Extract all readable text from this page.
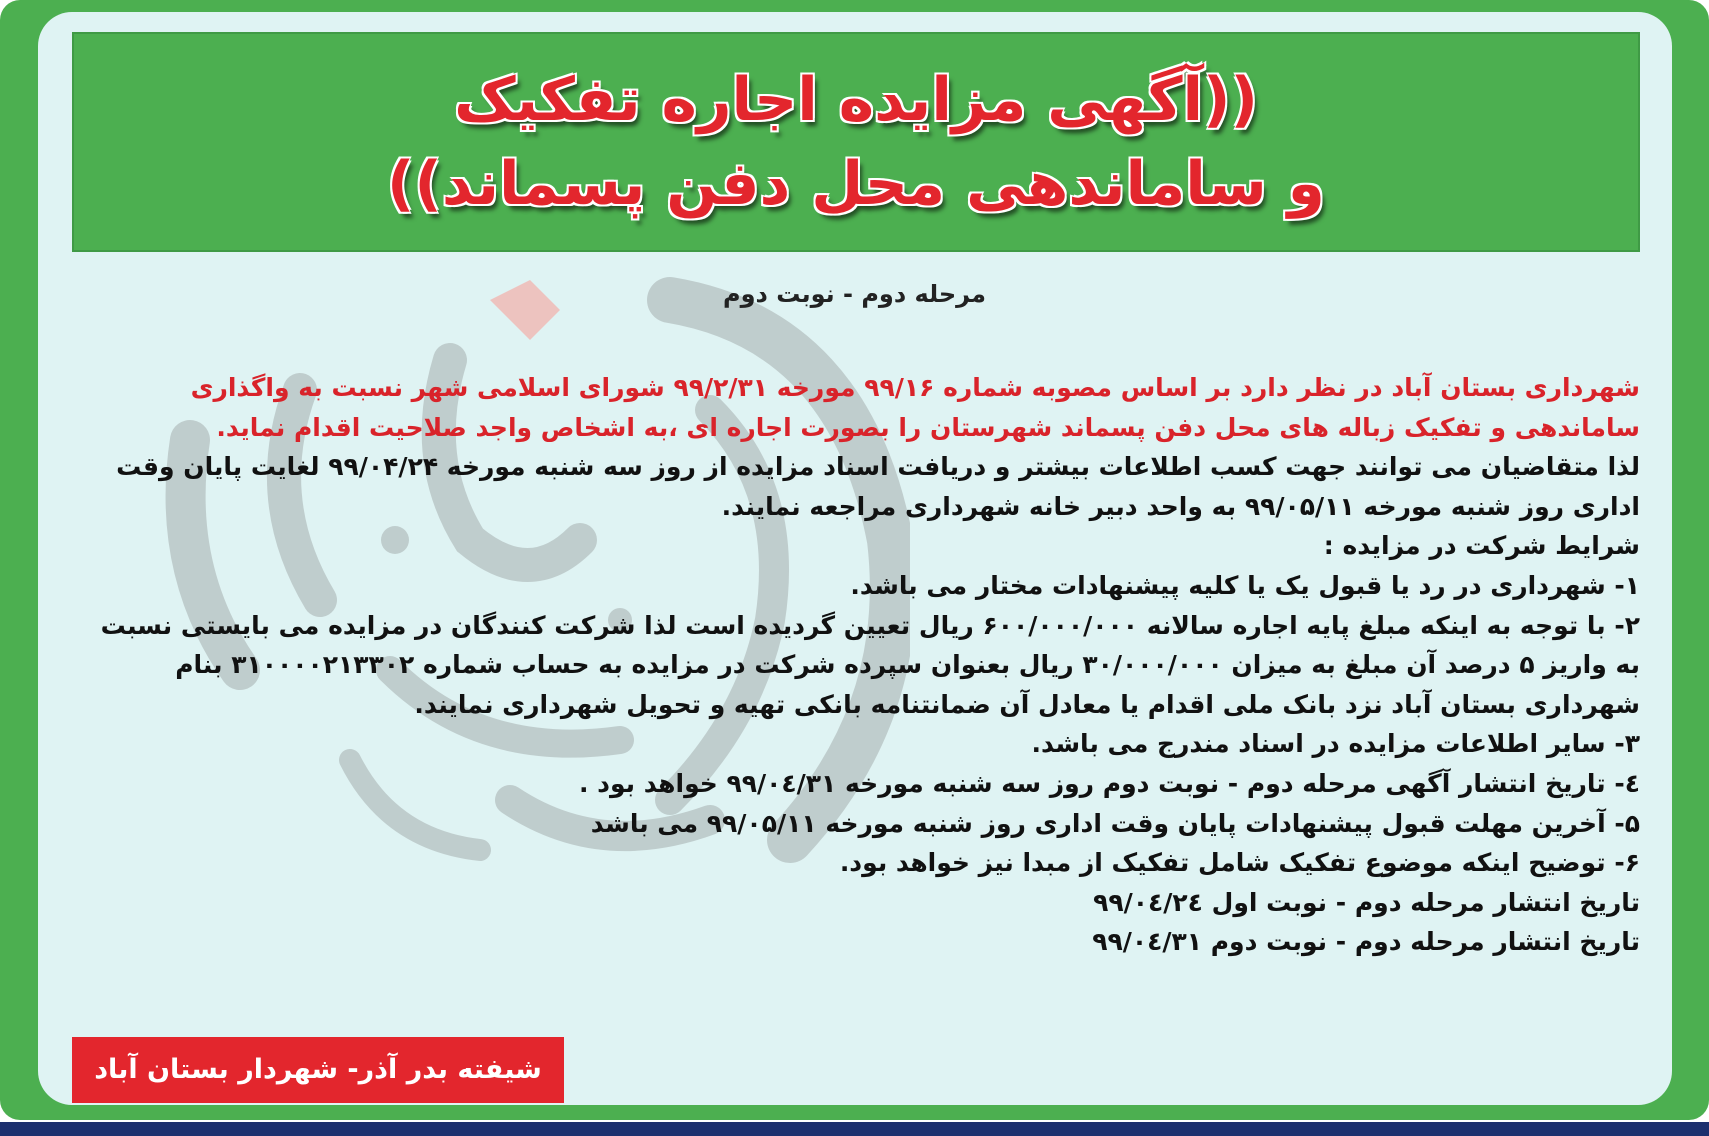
((آگهی مزایده اجاره تفکیک
و ساماندهی محل دفن پسماند))
مرحله دوم - نوبت دوم

شهرداری بستان آباد در نظر دارد بر اساس مصوبه شماره ۹۹/۱۶ مورخه ۹۹/۲/۳۱ شورای اسلامی شهر نسبت به واگذاری ساماندهی و تفکیک زباله های محل دفن پسماند شهرستان را بصورت اجاره ای ،به اشخاص واجد صلاحیت اقدام نماید.

لذا متقاضیان می توانند جهت کسب اطلاعات بیشتر و دریافت اسناد مزایده از روز سه شنبه مورخه ۹۹/۰۴/۲۴ لغایت پایان وقت اداری روز شنبه مورخه ۹۹/۰۵/۱۱ به واحد دبیر خانه شهرداری مراجعه نمایند.

شرایط شرکت در مزایده :

۱- شهرداری در رد یا قبول یک یا کلیه پیشنهادات مختار می باشد.

۲- با توجه به اینکه مبلغ پایه اجاره سالانه ۶۰۰/۰۰۰/۰۰۰ ریال تعیین گردیده است لذا شرکت کنندگان در مزایده می بایستی نسبت به واریز ۵ درصد آن مبلغ به میزان ۳۰/۰۰۰/۰۰۰ ریال بعنوان سپرده شرکت در مزایده به حساب شماره ۳۱۰۰۰۰۲۱۳۳۰۲ بنام شهرداری بستان آباد نزد بانک ملی اقدام یا معادل آن ضمانتنامه بانکی تهیه و تحویل شهرداری نمایند.

۳- سایر اطلاعات مزایده در اسناد مندرج می باشد.

٤- تاریخ انتشار آگهی مرحله دوم - نوبت دوم روز سه شنبه مورخه ۹۹/۰٤/۳۱ خواهد بود .

۵- آخرین مهلت قبول پیشنهادات پایان وقت اداری روز شنبه مورخه ۹۹/۰۵/۱۱ می باشد

۶- توضیح اینکه موضوع تفکیک شامل تفکیک از مبدا نیز خواهد بود.

تاریخ انتشار مرحله دوم - نوبت اول ۹۹/۰٤/۲٤

تاریخ انتشار مرحله دوم - نوبت دوم ۹۹/۰٤/۳۱

شیفته بدر آذر- شهردار بستان آباد
